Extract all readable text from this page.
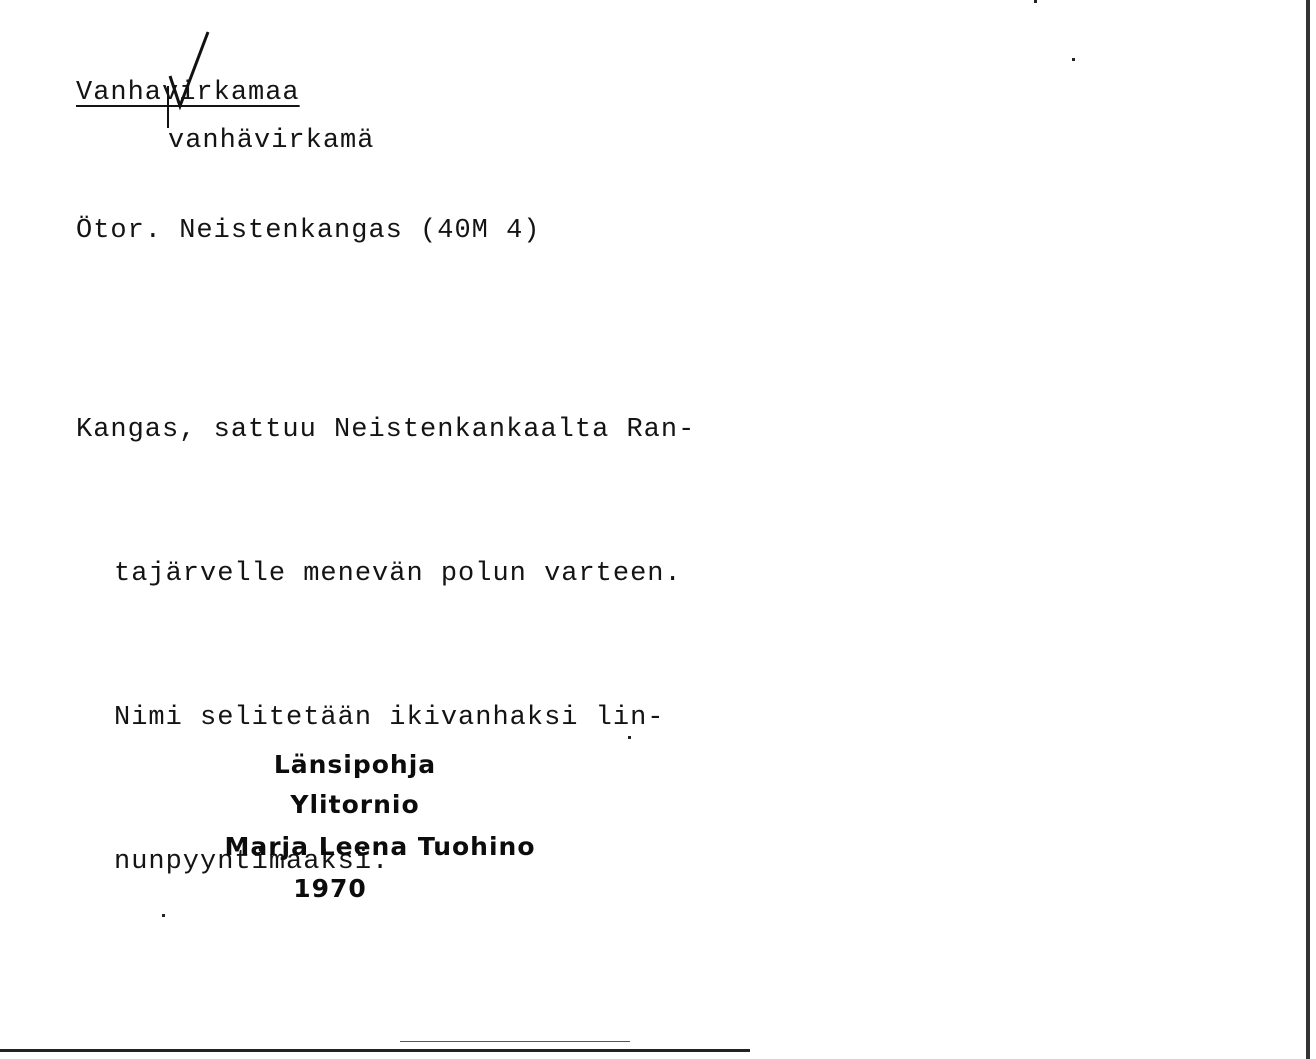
Vanhavirkamaa
vanhävirkamä
Ötor. Neistenkangas (40M 4)

Kangas, sattuu Neistenkankaalta Ran-

tajärvelle menevän polun varteen.

Nimi selitetään ikivanhaksi lin-

nunpyyntimaaksi.

Länsipohja
Ylitornio
Marja Leena Tuohino
1970
